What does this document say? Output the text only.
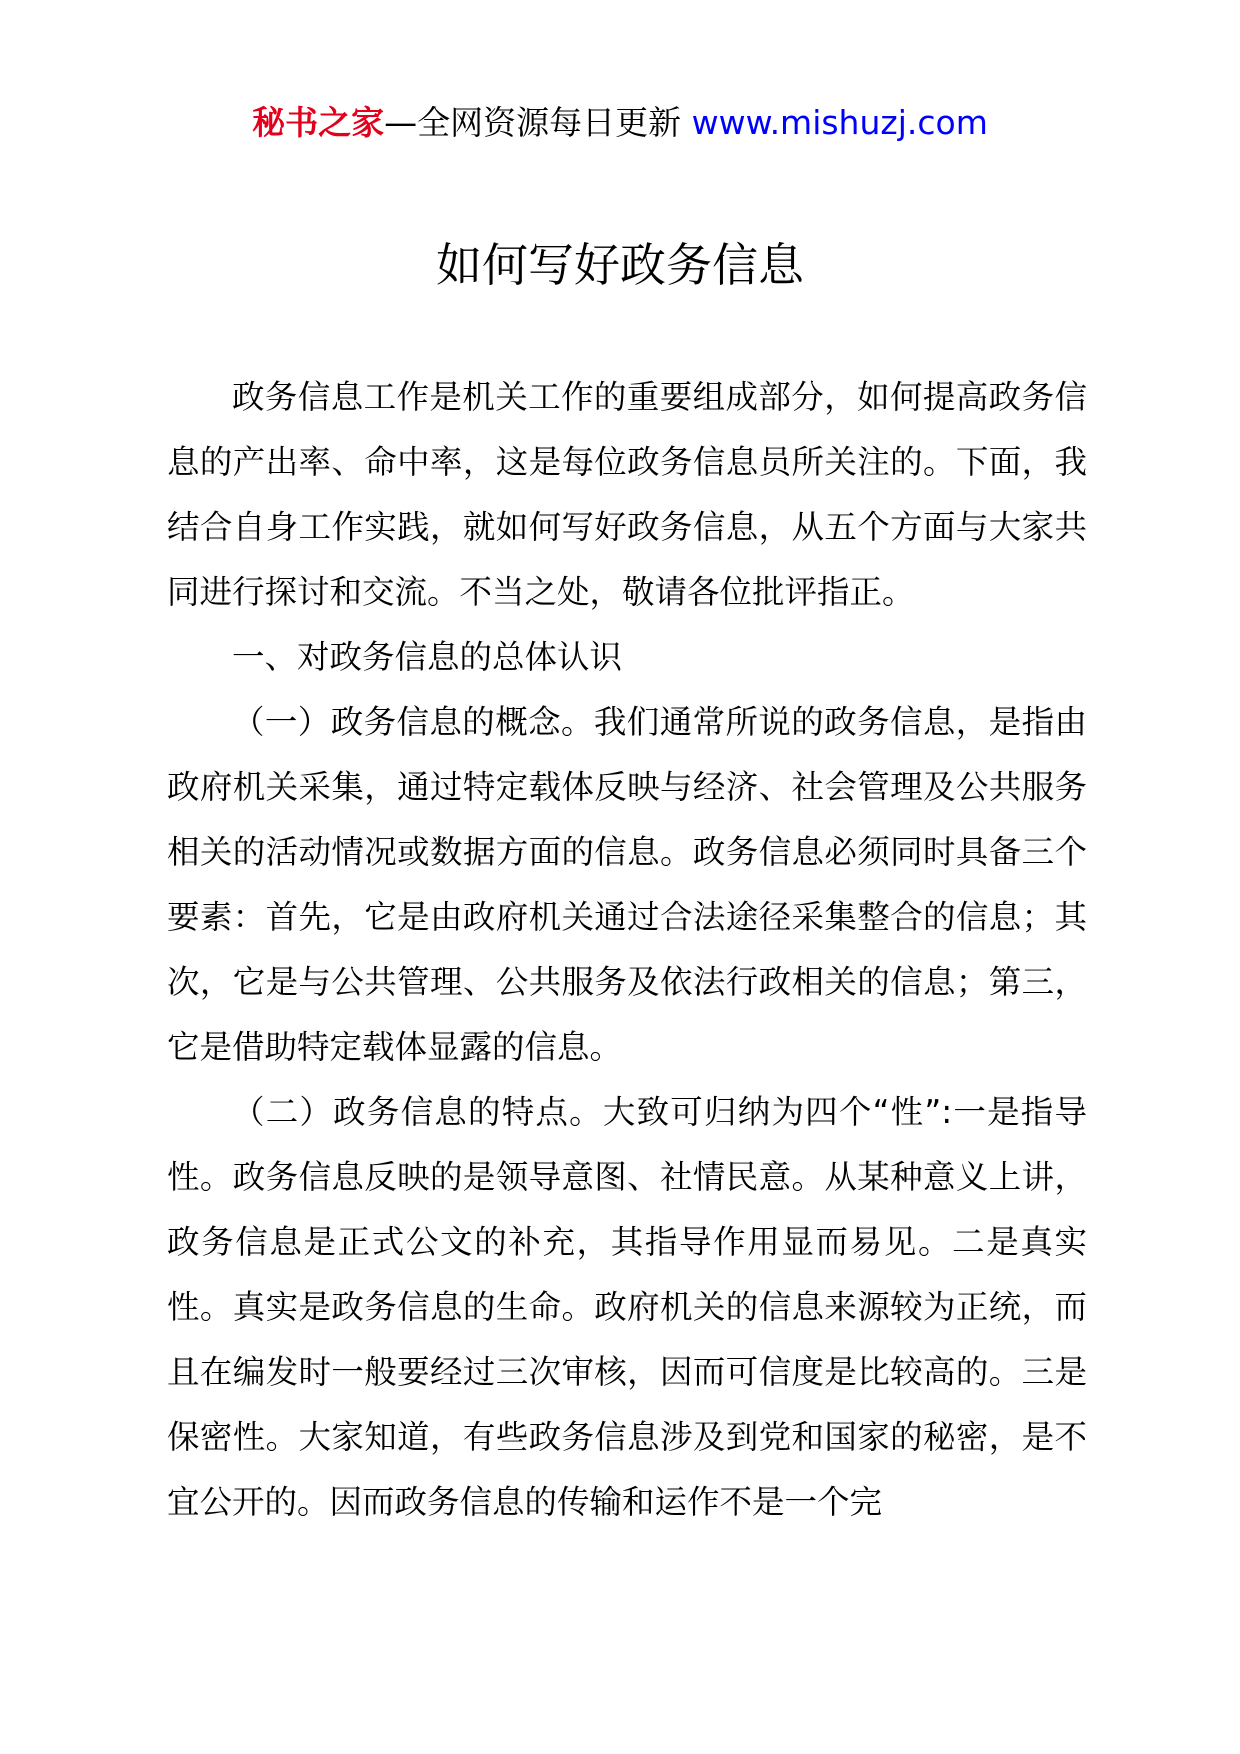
秘书之家—全网资源每日更新 www.mishuzj.com
如何写好政务信息

政务信息工作是机关工作的重要组成部分，如何提高政务信息的产出率、命中率，这是每位政务信息员所关注的。下面，我结合自身工作实践，就如何写好政务信息，从五个方面与大家共同进行探讨和交流。不当之处，敬请各位批评指正。

一、对政务信息的总体认识

（一）政务信息的概念。我们通常所说的政务信息，是指由政府机关采集，通过特定载体反映与经济、社会管理及公共服务相关的活动情况或数据方面的信息。政务信息必须同时具备三个要素：首先，它是由政府机关通过合法途径采集整合的信息；其次，它是与公共管理、公共服务及依法行政相关的信息；第三，它是借助特定载体显露的信息。

（二）政务信息的特点。大致可归纳为四个“性”:一是指导性。政务信息反映的是领导意图、社情民意。从某种意义上讲，政务信息是正式公文的补充，其指导作用显而易见。二是真实性。真实是政务信息的生命。政府机关的信息来源较为正统，而且在编发时一般要经过三次审核，因而可信度是比较高的。三是保密性。大家知道，有些政务信息涉及到党和国家的秘密，是不宜公开的。因而政务信息的传输和运作不是一个完
